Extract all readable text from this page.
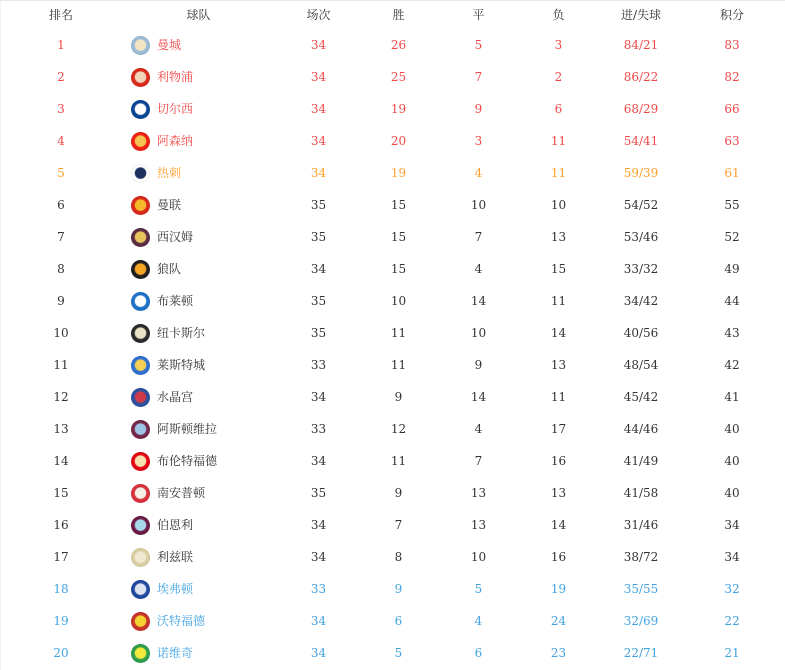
排名	球队	场次	胜	平	负	进/失球	积分
1	曼城	34	26	5	3	84/21	83
2	利物浦	34	25	7	2	86/22	82
3	切尔西	34	19	9	6	68/29	66
4	阿森纳	34	20	3	11	54/41	63
5	热刺	34	19	4	11	59/39	61
6	曼联	35	15	10	10	54/52	55
7	西汉姆	35	15	7	13	53/46	52
8	狼队	34	15	4	15	33/32	49
9	布莱顿	35	10	14	11	34/42	44
10	纽卡斯尔	35	11	10	14	40/56	43
11	莱斯特城	33	11	9	13	48/54	42
12	水晶宫	34	9	14	11	45/42	41
13	阿斯顿维拉	33	12	4	17	44/46	40
14	布伦特福德	34	11	7	16	41/49	40
15	南安普顿	35	9	13	13	41/58	40
16	伯恩利	34	7	13	14	31/46	34
17	利兹联	34	8	10	16	38/72	34
18	埃弗顿	33	9	5	19	35/55	32
19	沃特福德	34	6	4	24	32/69	22
20	诺维奇	34	5	6	23	22/71	21
